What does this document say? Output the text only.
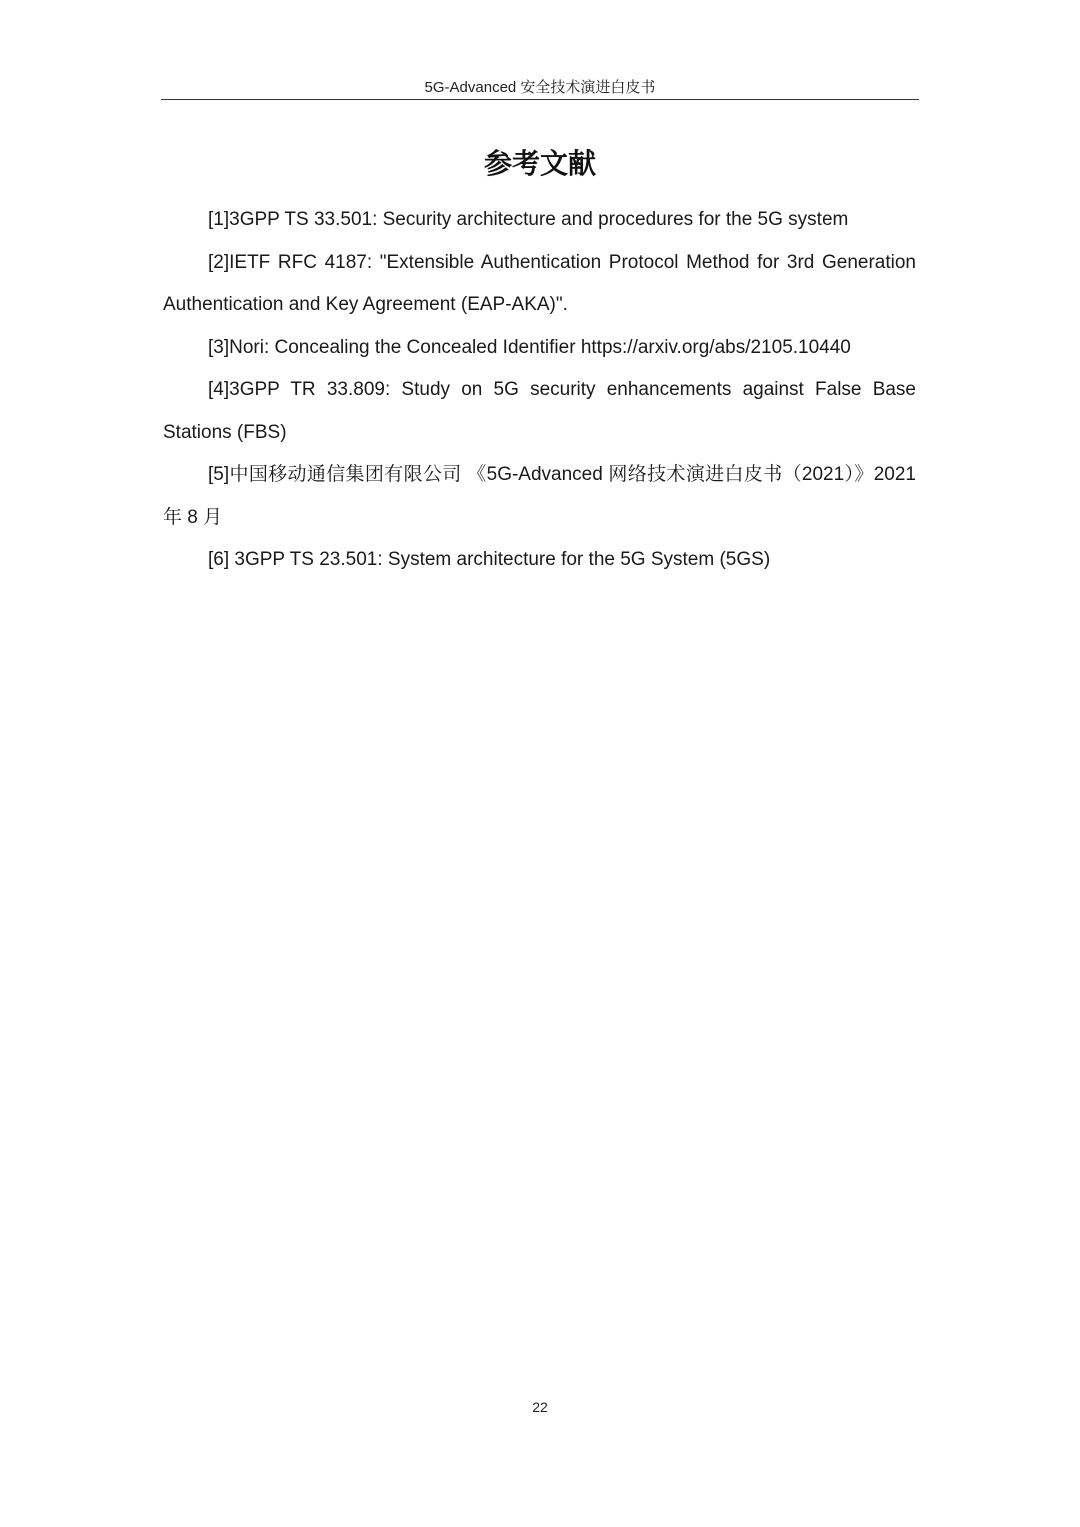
5G-Advanced 安全技术演进白皮书
参考文献
[1]3GPP TS 33.501: Security architecture and procedures for the 5G system
[2]IETF RFC 4187: "Extensible Authentication Protocol Method for 3rd Generation Authentication and Key Agreement (EAP-AKA)".
[3]Nori: Concealing the Concealed Identifier https://arxiv.org/abs/2105.10440
[4]3GPP TR 33.809: Study on 5G security enhancements against False Base Stations (FBS)
[5]中国移动通信集团有限公司 《5G-Advanced 网络技术演进白皮书（2021）》2021 年 8 月
[6] 3GPP TS 23.501: System architecture for the 5G System (5GS)
22
